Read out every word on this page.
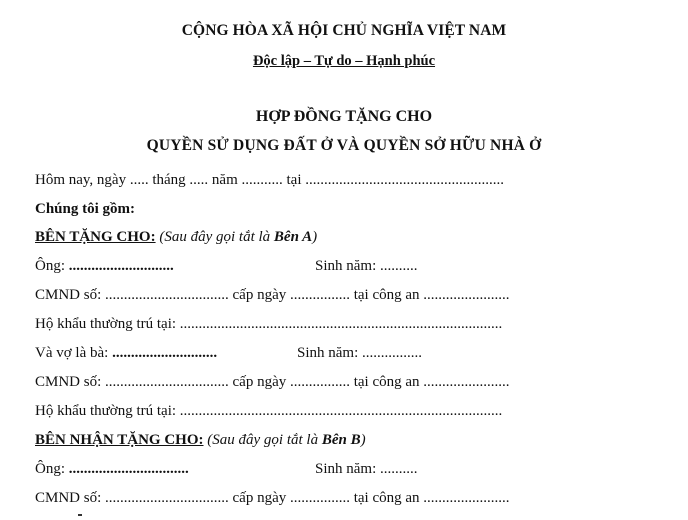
CỘNG HÒA XÃ HỘI CHỦ NGHĨA VIỆT NAM
Độc lập – Tự do – Hạnh phúc
HỢP ĐỒNG TẶNG CHO
QUYỀN SỬ DỤNG ĐẤT Ở VÀ QUYỀN SỞ HỮU NHÀ Ở
Hôm nay, ngày ..... tháng ..... năm ........... tại .....................................................
Chúng tôi gồm:
BÊN TẶNG CHO: (Sau đây gọi tắt là Bên A)
Ông: ............................	Sinh năm: ..........
CMND số: ................................. cấp ngày ................ tại công an .......................
Hộ khẩu thường trú tại: ......................................................................................
Và vợ là bà: ............................	Sinh năm: ................
CMND số: ................................. cấp ngày ................ tại công an .......................
Hộ khẩu thường trú tại: ......................................................................................
BÊN NHẬN TẶNG CHO: (Sau đây gọi tắt là Bên B)
Ông: ................................	Sinh năm: ..........
CMND số: ................................. cấp ngày ................ tại công an .......................
